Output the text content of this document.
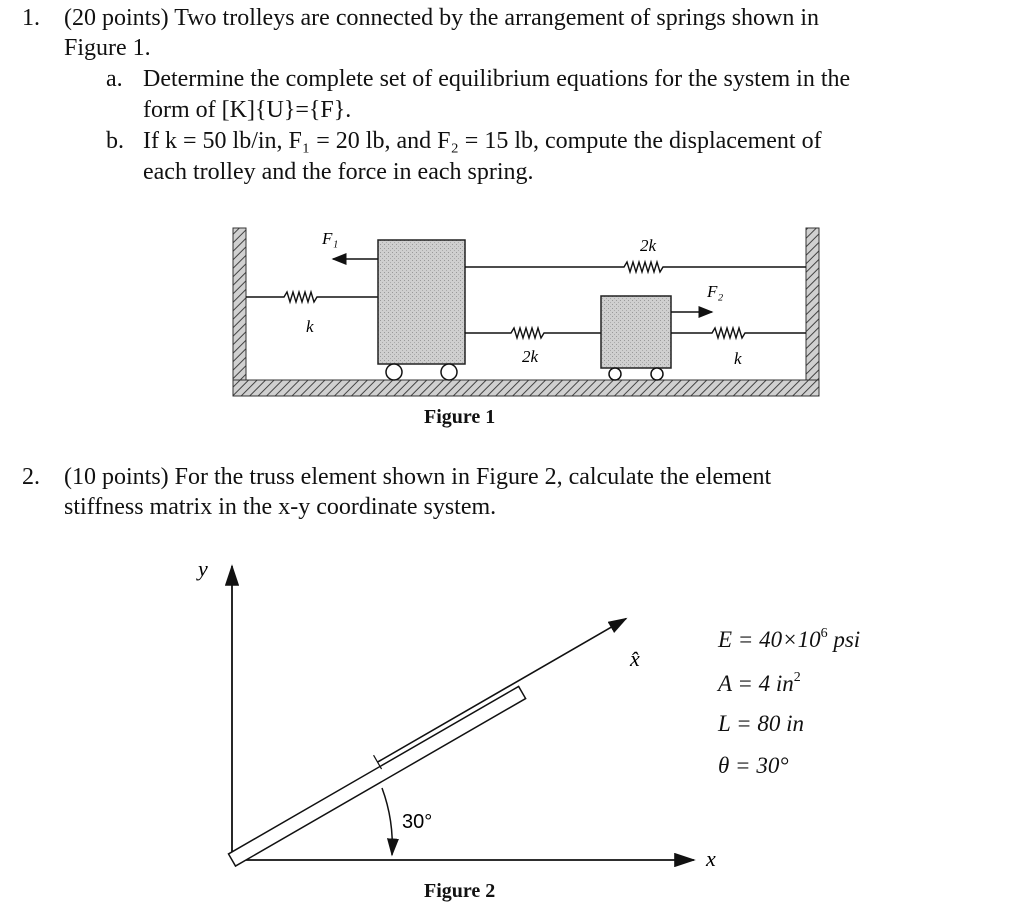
1. (20 points) Two trolleys are connected by the arrangement of springs shown in
Figure 1.
a. Determine the complete set of equilibrium equations for the system in the
form of [K]{U}={F}.
b. If k = 50 lb/in, F₁ = 20 lb, and F₂ = 15 lb, compute the displacement of
each trolley and the force in each spring.
F₁
k
2k
F₂
2k	k
Figure 1
2. (10 points) For the truss element shown in Figure 2, calculate the element
stiffness matrix in the x-y coordinate system.
y
x
x̂
30°
$E = 40\times 10^6$ psi
A = 4 $in^2$
L = 80 in
θ = 30°
Figure 2
